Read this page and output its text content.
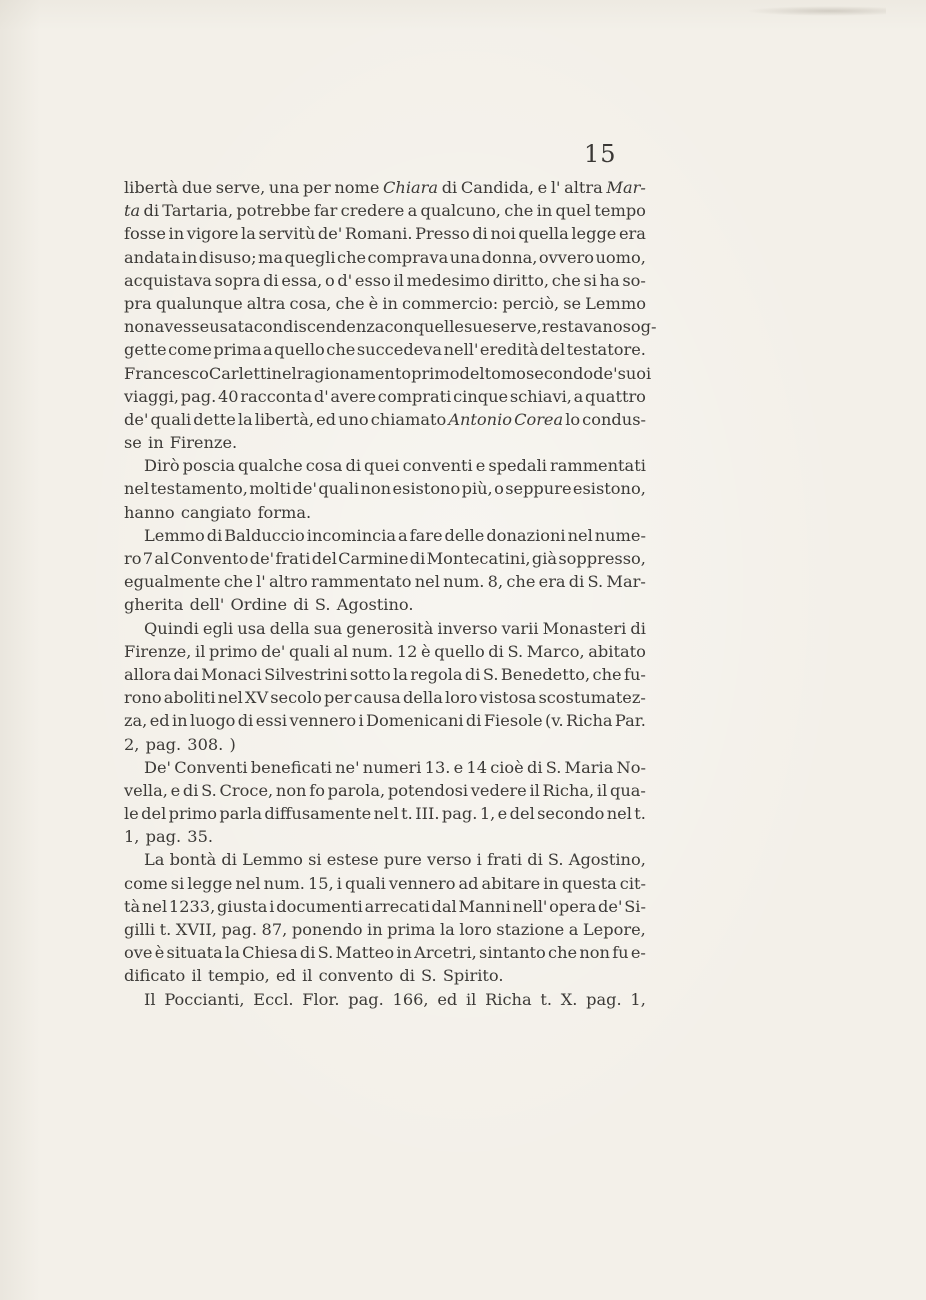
15
libertà due serve, una per nome Chiara di Candida, e l' altra Mar-
ta di Tartaria, potrebbe far credere a qualcuno, che in quel tempo
fosse in vigore la servitù de' Romani. Presso di noi quella legge era
andata in disuso; ma quegli che comprava una donna, ovvero uomo,
acquistava sopra di essa, o d' esso il medesimo diritto, che si ha so-
pra qualunque altra cosa, che è in commercio: perciò, se Lemmo
non avesse usata condiscendenza con quelle sue serve, restavano sog-
gette come prima a quello che succedeva nell' eredità del testatore.
Francesco Carletti nel ragionamento primo del tomo secondo de' suoi
viaggi, pag. 40 racconta d' avere comprati cinque schiavi, a quattro
de' quali dette la libertà, ed uno chiamato Antonio Corea lo condus-
se in Firenze.
Dirò poscia qualche cosa di quei conventi e spedali rammentati
nel testamento, molti de' quali non esistono più, o seppure esistono,
hanno cangiato forma.
Lemmo di Balduccio incomincia a fare delle donazioni nel nume-
ro 7 al Convento de' frati del Carmine di Montecatini, già soppresso,
egualmente che l' altro rammentato nel num. 8, che era di S. Mar-
gherita dell' Ordine di S. Agostino.
Quindi egli usa della sua generosità inverso varii Monasteri di
Firenze, il primo de' quali al num. 12 è quello di S. Marco, abitato
allora dai Monaci Silvestrini sotto la regola di S. Benedetto, che fu-
rono aboliti nel XV secolo per causa della loro vistosa scostumatez-
za, ed in luogo di essi vennero i Domenicani di Fiesole (v. Richa Par.
2, pag. 308. )
De' Conventi beneficati ne' numeri 13. e 14 cioè di S. Maria No-
vella, e di S. Croce, non fo parola, potendosi vedere il Richa, il qua-
le del primo parla diffusamente nel t. III. pag. 1, e del secondo nel t.
1, pag. 35.
La bontà di Lemmo si estese pure verso i frati di S. Agostino,
come si legge nel num. 15, i quali vennero ad abitare in questa cit-
tà nel 1233, giusta i documenti arrecati dal Manni nell' opera de' Si-
gilli t. XVII, pag. 87, ponendo in prima la loro stazione a Lepore,
ove è situata la Chiesa di S. Matteo in Arcetri, sintanto che non fu e-
dificato il tempio, ed il convento di S. Spirito.
Il Poccianti, Eccl. Flor. pag. 166, ed il Richa t. X. pag. 1,
